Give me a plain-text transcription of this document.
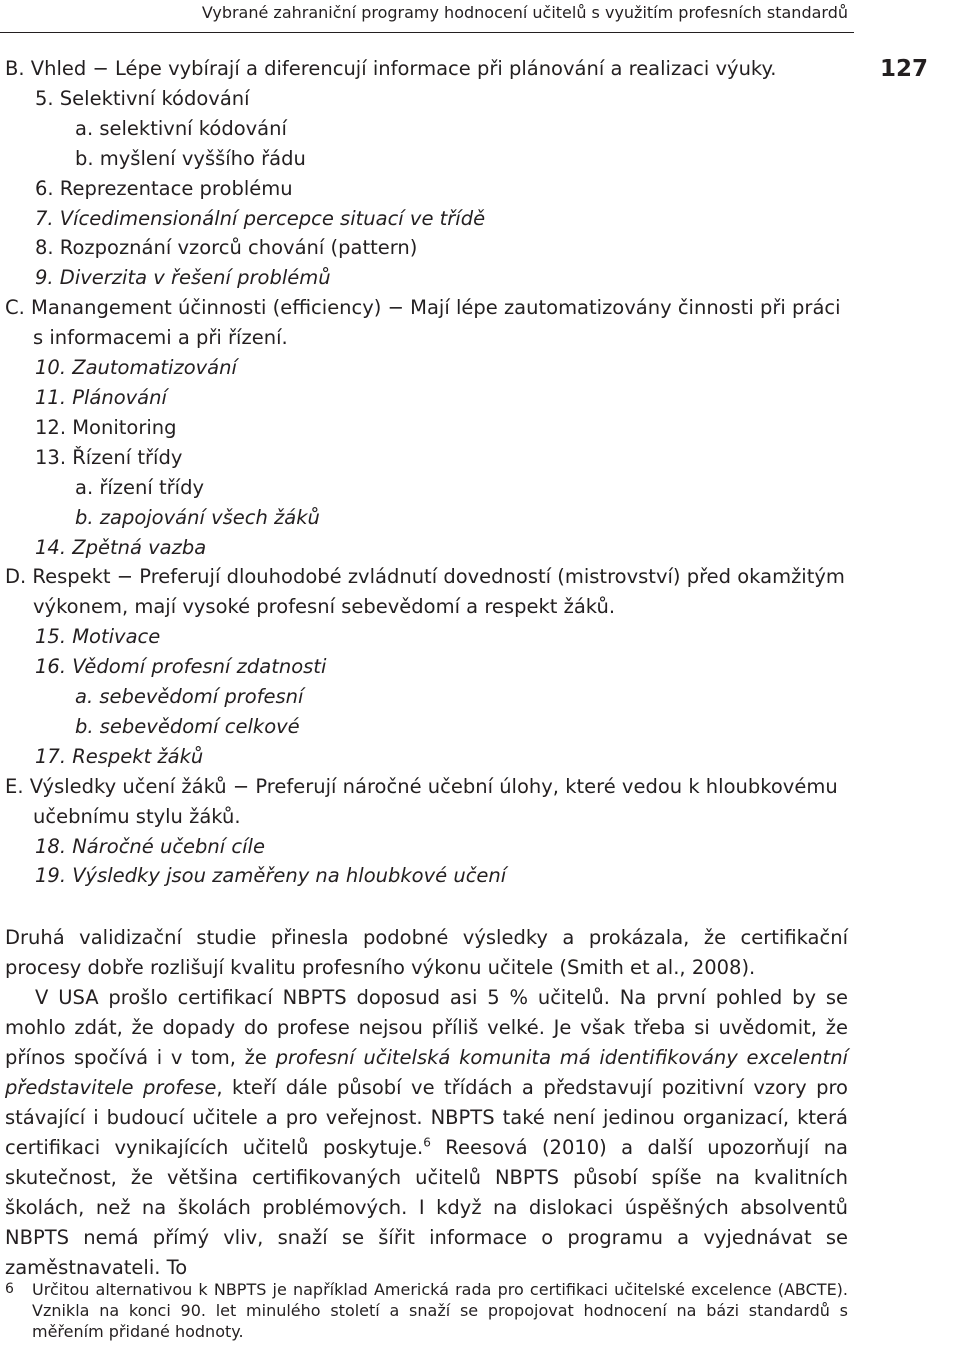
Vybrané zahraniční programy hodnocení učitelů s využitím profesních standardů
127
B. Vhled − Lépe vybírají a diferencují informace při plánování a realizaci výuky.
5. Selektivní kódování
a. selektivní kódování
b. myšlení vyššího řádu
6. Reprezentace problému
7. Vícedimensionální percepce situací ve třídě
8. Rozpoznání vzorců chování (pattern)
9. Diverzita v řešení problémů
C. Manangement účinnosti (efficiency) − Mají lépe zautomatizovány činnosti při práci s informacemi a při řízení.
10. Zautomatizování
11. Plánování
12. Monitoring
13. Řízení třídy
a. řízení třídy
b. zapojování všech žáků
14. Zpětná vazba
D. Respekt − Preferují dlouhodobé zvládnutí dovedností (mistrovství) před okamžitým výkonem, mají vysoké profesní sebevědomí a respekt žáků.
15. Motivace
16. Vědomí profesní zdatnosti
a. sebevědomí profesní
b. sebevědomí celkové
17. Respekt žáků
E. Výsledky učení žáků − Preferují náročné učební úlohy, které vedou k hloubkovému učebnímu stylu žáků.
18. Náročné učební cíle
19. Výsledky jsou zaměřeny na hloubkové učení

Druhá validizační studie přinesla podobné výsledky a prokázala, že certifikační procesy dobře rozlišují kvalitu profesního výkonu učitele (Smith et al., 2008).

V USA prošlo certifikací NBPTS doposud asi 5 % učitelů. Na první pohled by se mohlo zdát, že dopady do profese nejsou příliš velké. Je však třeba si uvědomit, že přínos spočívá i v tom, že profesní učitelská komunita má identifikovány excelentní představitele profese, kteří dále působí ve třídách a představují pozitivní vzory pro stávající i budoucí učitele a pro veřejnost. NBPTS také není jedinou organizací, která certifikaci vynikajících učitelů poskytuje.$^6$ Reesová (2010) a další upozorňují na skutečnost, že většina certifikovaných učitelů NBPTS působí spíše na kvalitních školách, než na školách problémových. I když na dislokaci úspěšných absolventů NBPTS nemá přímý vliv, snaží se šířit informace o programu a vyjednávat se zaměstnavateli. To

6	Určitou alternativou k NBPTS je například Americká rada pro certifikaci učitelské excelence (ABCTE). Vznikla na konci 90. let minulého století a snaží se propojovat hodnocení na bázi standardů s měřením přidané hodnoty.
